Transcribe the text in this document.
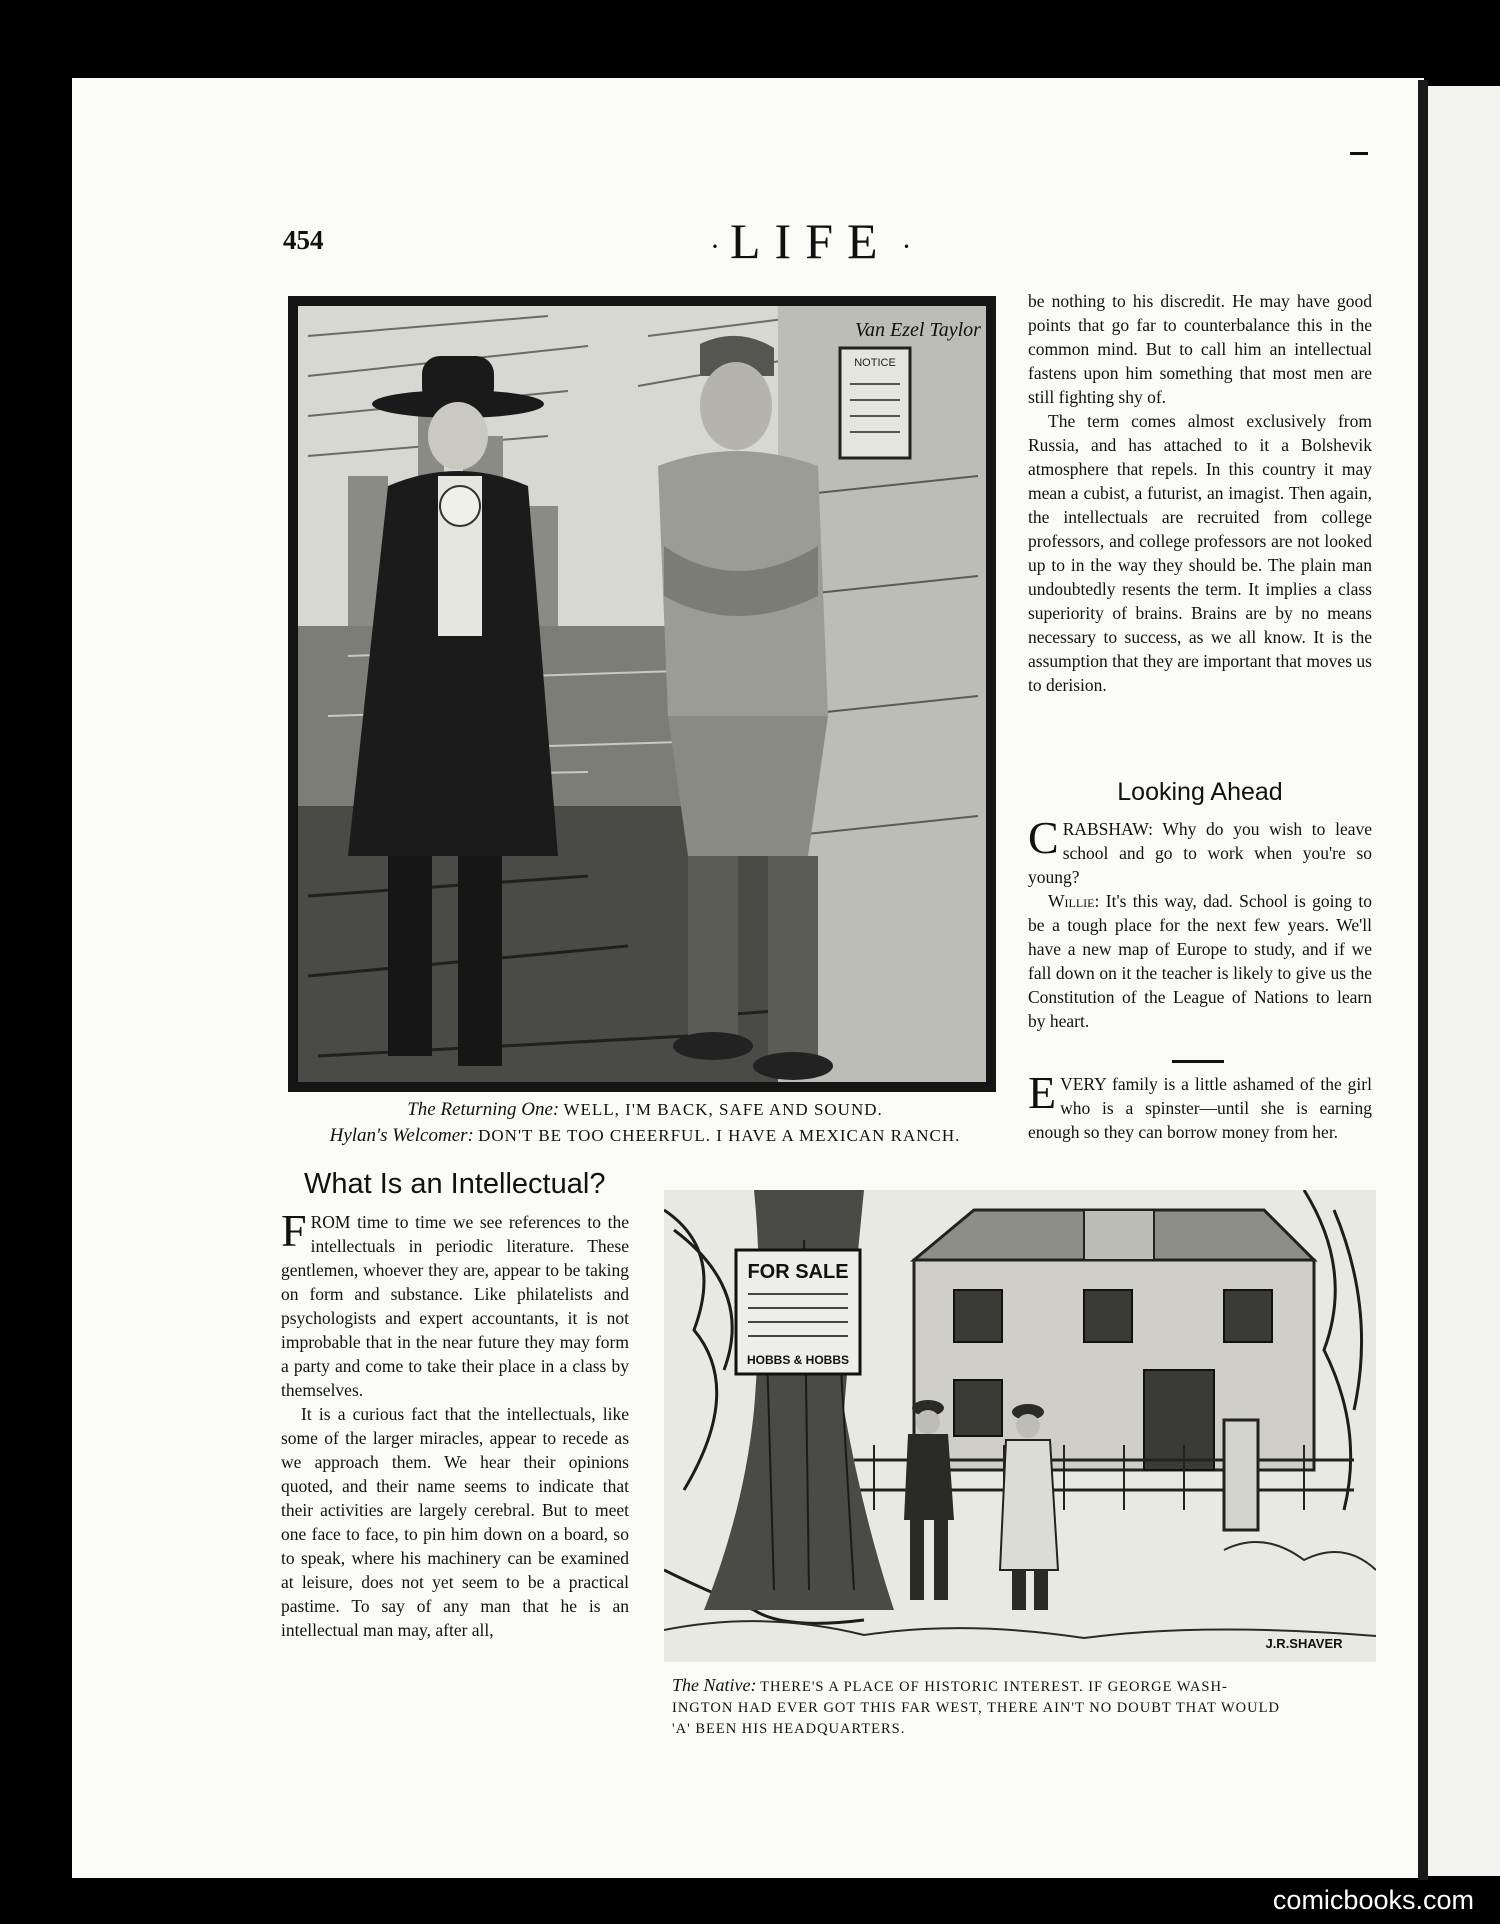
454	· LIFE ·
NOTICE
Van Ezel Taylor
The Returning One: WELL, I'M BACK, SAFE AND SOUND.
Hylan's Welcomer: DON'T BE TOO CHEERFUL. I HAVE A MEXICAN RANCH.

be nothing to his discredit. He may have good points that go far to counterbalance this in the common mind. But to call him an intellectual fastens upon him something that most men are still fighting shy of.

The term comes almost exclusively from Russia, and has attached to it a Bolshevik atmosphere that repels. In this country it may mean a cubist, a futurist, an imagist. Then again, the intellectuals are recruited from college professors, and college professors are not looked up to in the way they should be. The plain man undoubtedly resents the term. It implies a class superiority of brains. Brains are by no means necessary to success, as we all know. It is the assumption that they are important that moves us to derision.

Looking Ahead

CRABSHAW: Why do you wish to leave school and go to work when you're so young?

Willie: It's this way, dad. School is going to be a tough place for the next few years. We'll have a new map of Europe to study, and if we fall down on it the teacher is likely to give us the Constitution of the League of Nations to learn by heart.

EVERY family is a little ashamed of the girl who is a spinster—until she is earning enough so they can borrow money from her.

What Is an Intellectual?

FROM time to time we see references to the intellectuals in periodic literature. These gentlemen, whoever they are, appear to be taking on form and substance. Like philatelists and psychologists and expert accountants, it is not improbable that in the near future they may form a party and come to take their place in a class by themselves.

It is a curious fact that the intellectuals, like some of the larger miracles, appear to recede as we approach them. We hear their opinions quoted, and their name seems to indicate that their activities are largely cerebral. But to meet one face to face, to pin him down on a board, so to speak, where his machinery can be examined at leisure, does not yet seem to be a practical pastime. To say of any man that he is an intellectual man may, after all,

FOR SALE
HOBBS & HOBBS
J.R.SHAVER
The Native: THERE'S A PLACE OF HISTORIC INTEREST. IF GEORGE WASH-
INGTON HAD EVER GOT THIS FAR WEST, THERE AIN'T NO DOUBT THAT WOULD
'A' BEEN HIS HEADQUARTERS.
comicbooks.com
